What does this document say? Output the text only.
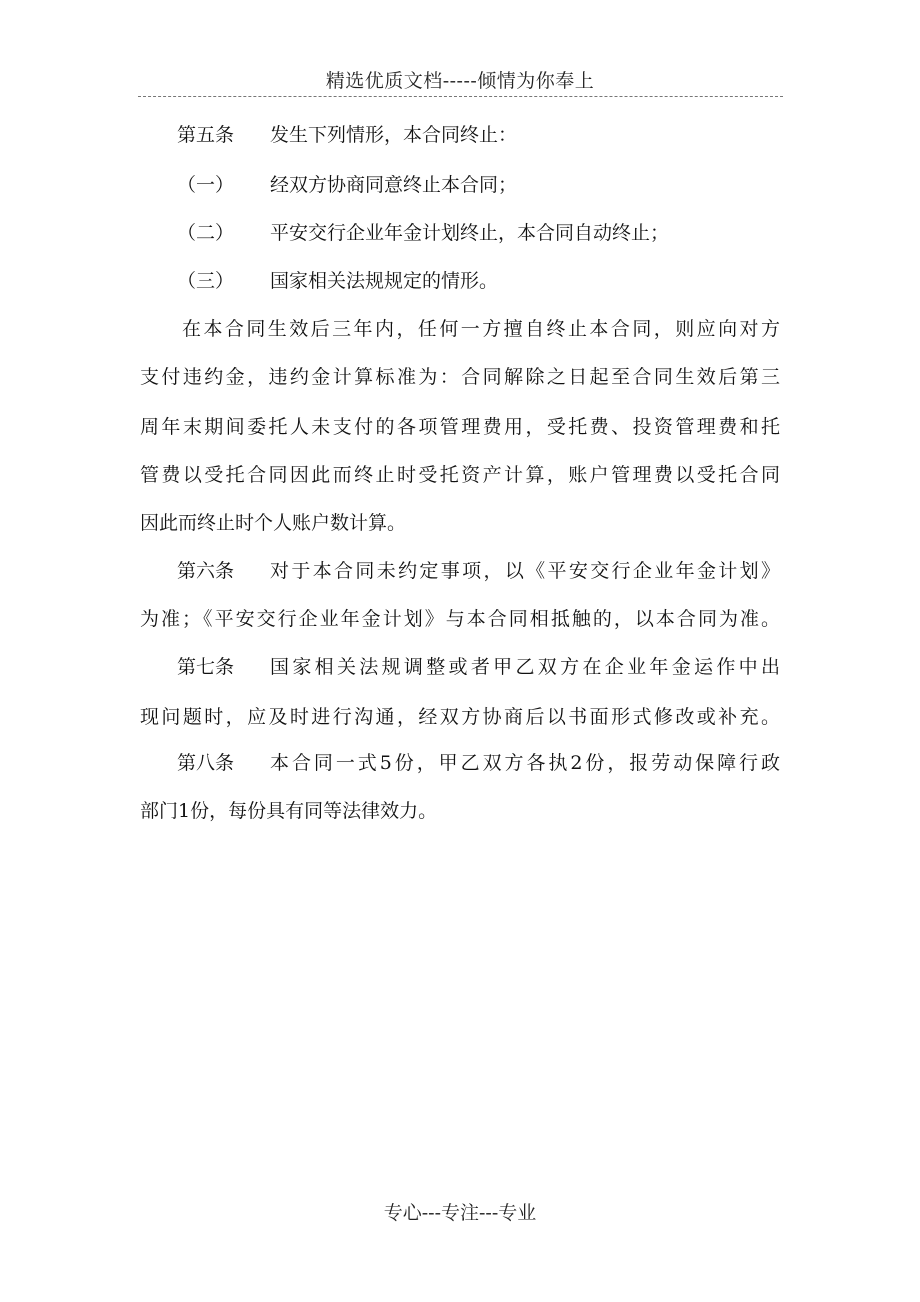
精选优质文档-----倾情为你奉上
第五条 发生下列情形，本合同终止：
（一） 经双方协商同意终止本合同；
（二） 平安交行企业年金计划终止，本合同自动终止；
（三） 国家相关法规规定的情形。
在本合同生效后三年内，任何一方擅自终止本合同，则应向对方
支付违约金，违约金计算标准为：合同解除之日起至合同生效后第三
周年末期间委托人未支付的各项管理费用，受托费、投资管理费和托
管费以受托合同因此而终止时受托资产计算，账户管理费以受托合同
因此而终止时个人账户数计算。
第六条 对于本合同未约定事项，以《平安交行企业年金计划》
为准；《平安交行企业年金计划》与本合同相抵触的，以本合同为准。
第七条 国家相关法规调整或者甲乙双方在企业年金运作中出
现问题时，应及时进行沟通，经双方协商后以书面形式修改或补充。
第八条 本合同一式5份，甲乙双方各执2份，报劳动保障行政
部门1份，每份具有同等法律效力。
专心---专注---专业
